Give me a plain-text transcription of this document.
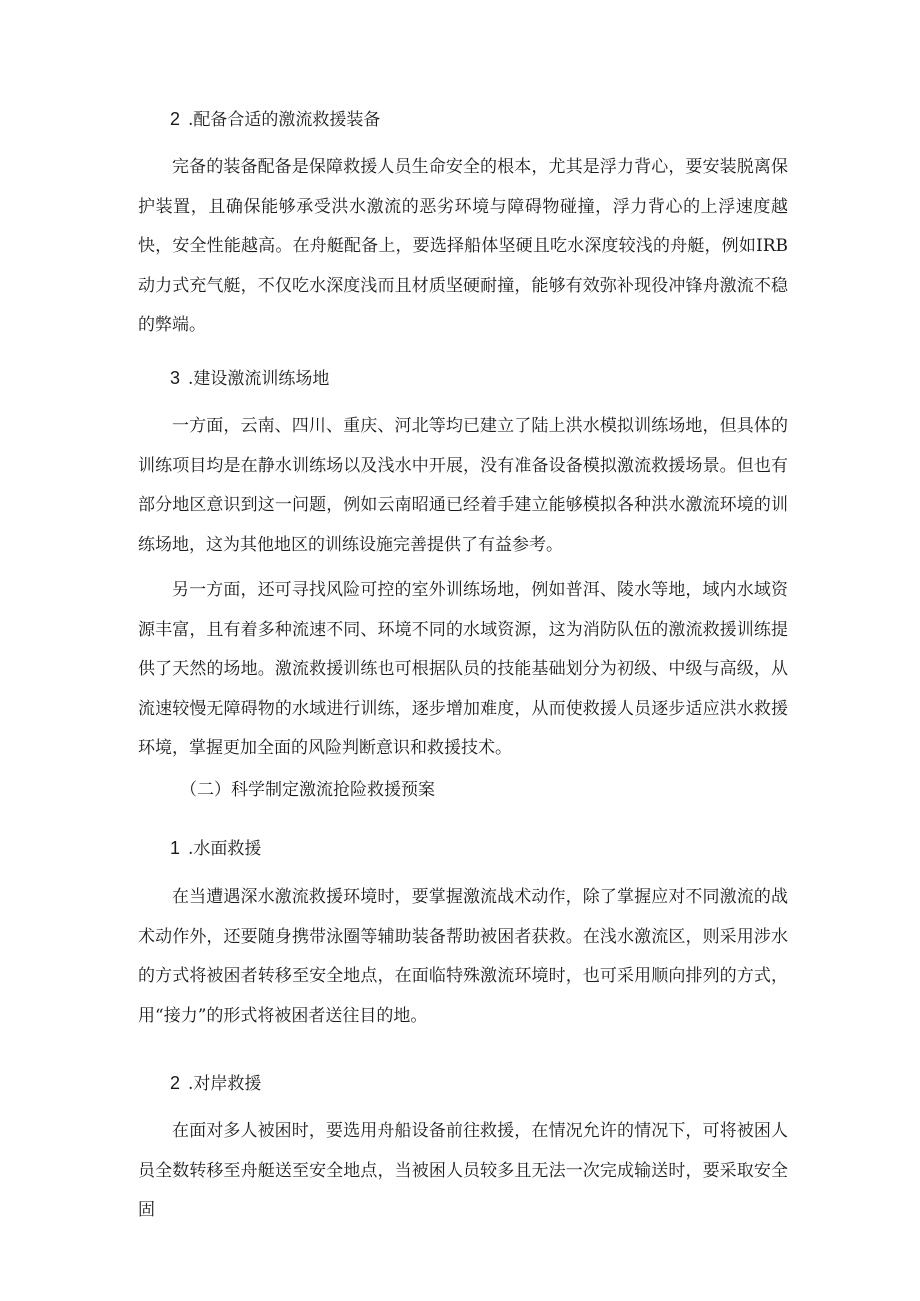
2 .配备合适的激流救援装备

完备的装备配备是保障救援人员生命安全的根本，尤其是浮力背心，要安装脱离保护装置，且确保能够承受洪水激流的恶劣环境与障碍物碰撞，浮力背心的上浮速度越快，安全性能越高。在舟艇配备上，要选择船体坚硬且吃水深度较浅的舟艇，例如IRB动力式充气艇，不仅吃水深度浅而且材质坚硬耐撞，能够有效弥补现役冲锋舟激流不稳的弊端。

3 .建设激流训练场地

一方面，云南、四川、重庆、河北等均已建立了陆上洪水模拟训练场地，但具体的训练项目均是在静水训练场以及浅水中开展，没有准备设备模拟激流救援场景。但也有部分地区意识到这一问题，例如云南昭通已经着手建立能够模拟各种洪水激流环境的训练场地，这为其他地区的训练设施完善提供了有益参考。

另一方面，还可寻找风险可控的室外训练场地，例如普洱、陵水等地，域内水域资源丰富，且有着多种流速不同、环境不同的水域资源，这为消防队伍的激流救援训练提供了天然的场地。激流救援训练也可根据队员的技能基础划分为初级、中级与高级，从流速较慢无障碍物的水域进行训练，逐步增加难度，从而使救援人员逐步适应洪水救援环境，掌握更加全面的风险判断意识和救援技术。

（二）科学制定激流抢险救援预案
1 .水面救援

在当遭遇深水激流救援环境时，要掌握激流战术动作，除了掌握应对不同激流的战术动作外，还要随身携带泳圈等辅助装备帮助被困者获救。在浅水激流区，则采用涉水的方式将被困者转移至安全地点，在面临特殊激流环境时，也可采用顺向排列的方式，用“接力”的形式将被困者送往目的地。

2 .对岸救援

在面对多人被困时，要选用舟船设备前往救援，在情况允许的情况下，可将被困人员全数转移至舟艇送至安全地点，当被困人员较多且无法一次完成输送时，要采取安全固
